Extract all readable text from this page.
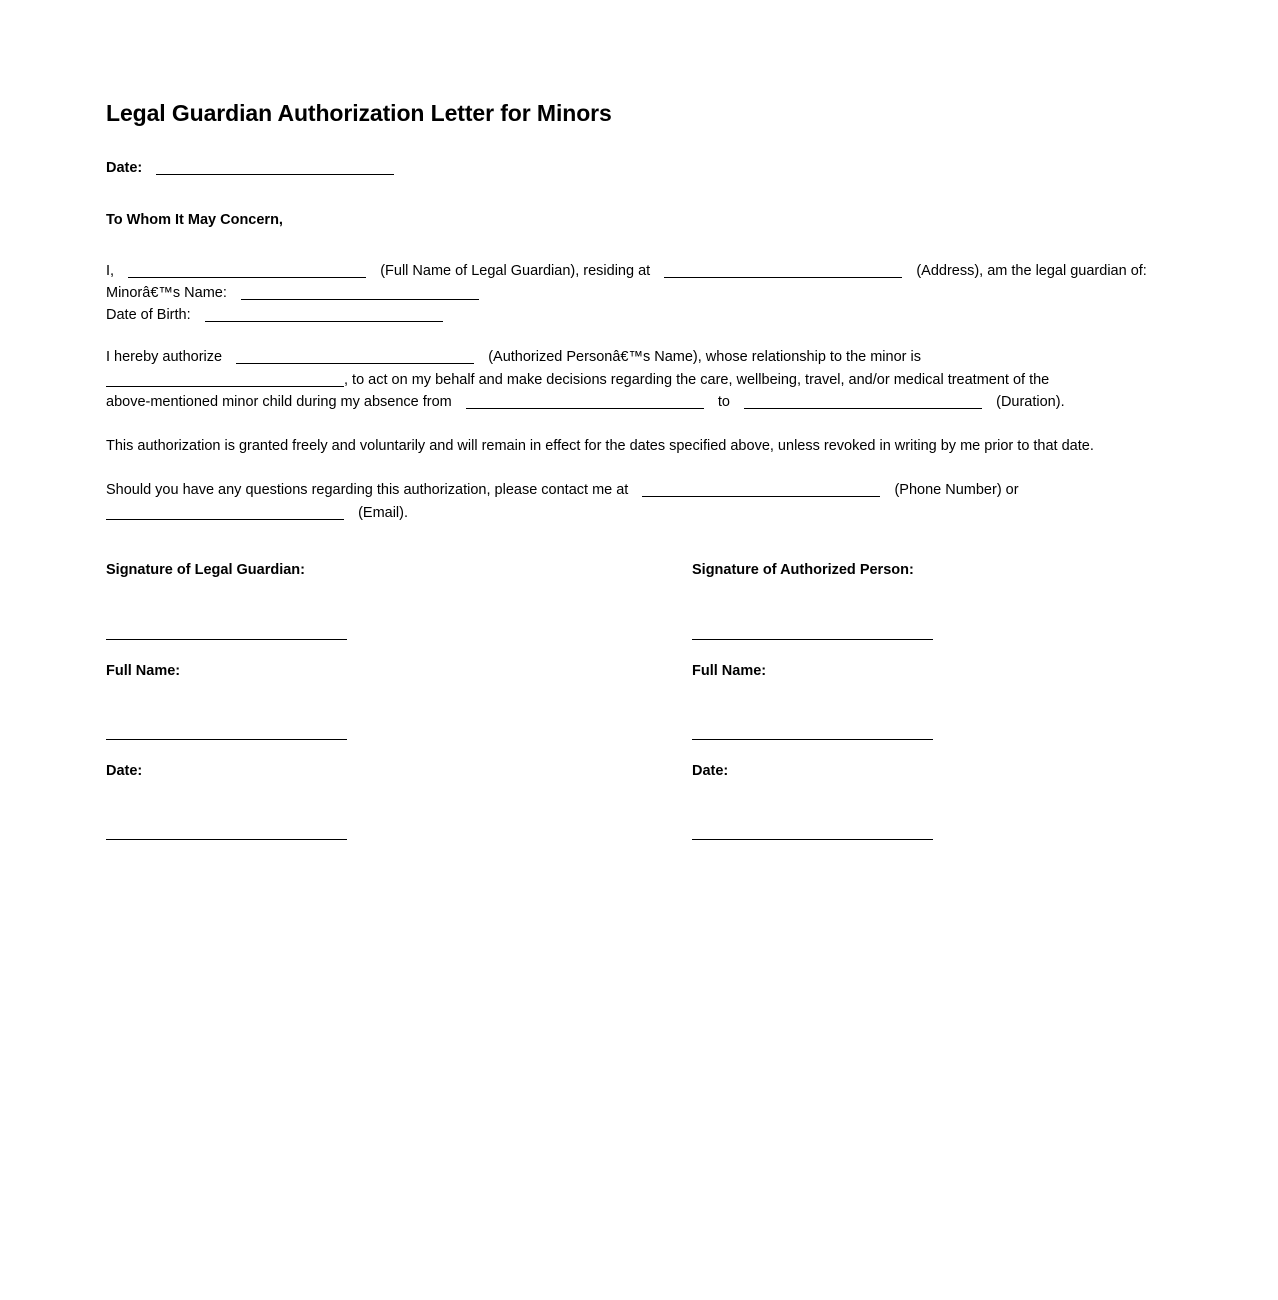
Legal Guardian Authorization Letter for Minors
Date:
To Whom It May Concern,
I,	(Full Name of Legal Guardian), residing at	(Address), am the legal guardian of:
Minorâ€™s Name:
Date of Birth:
I hereby authorize	(Authorized Personâ€™s Name), whose relationship to the minor is
, to act on my behalf and make decisions regarding the care, wellbeing, travel, and/or medical treatment of the
above-mentioned minor child during my absence from	to	(Duration).
This authorization is granted freely and voluntarily and will remain in effect for the dates specified above, unless revoked in writing by me prior to that date.
Should you have any questions regarding this authorization, please contact me at	(Phone Number) or
(Email).
Signature of Legal Guardian:
Full Name:
Date:
Signature of Authorized Person:
Full Name:
Date:
